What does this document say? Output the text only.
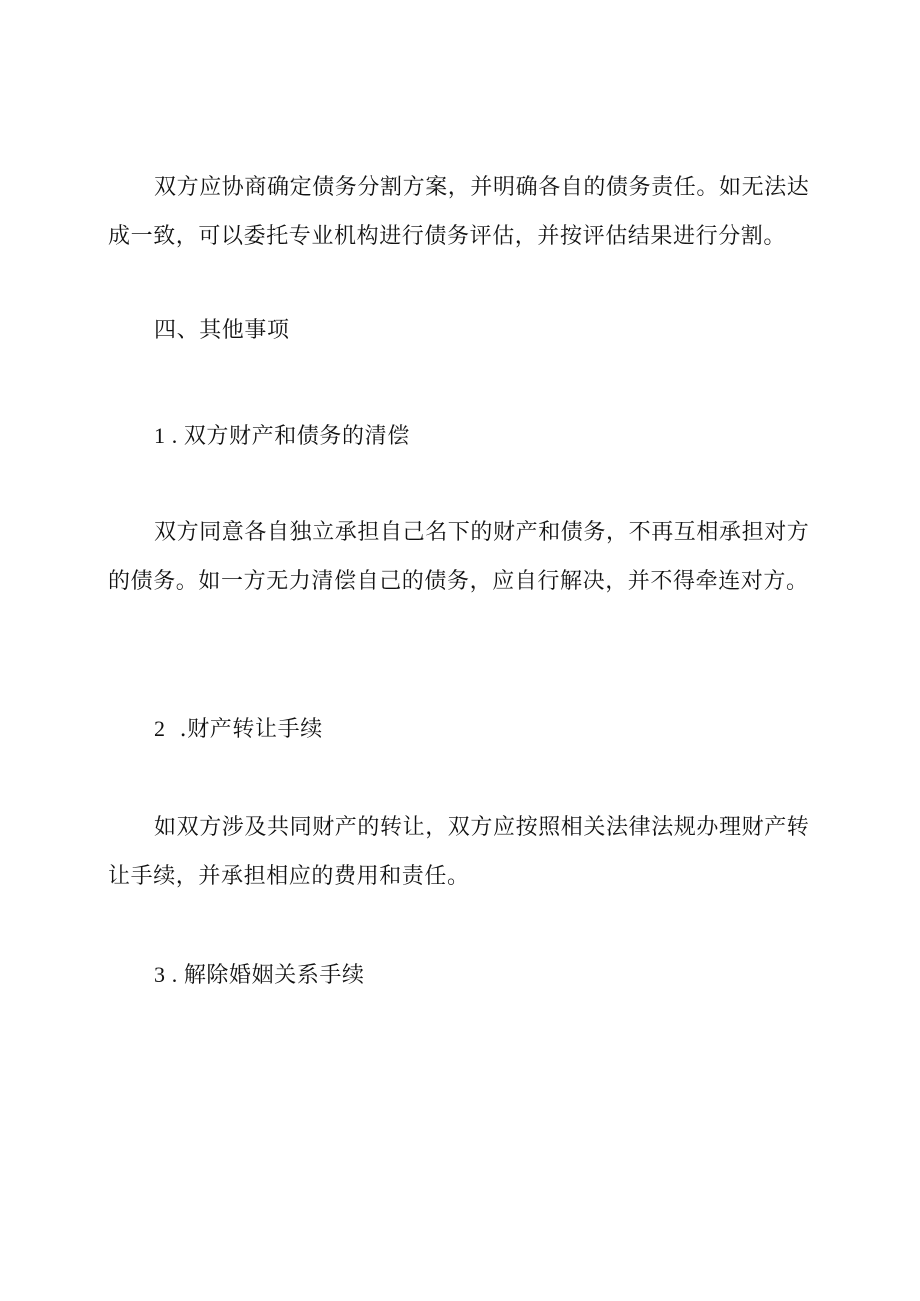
双方应协商确定债务分割方案，并明确各自的债务责任。如无法达成一致，可以委托专业机构进行债务评估，并按评估结果进行分割。

四、其他事项

1 . 双方财产和债务的清偿

双方同意各自独立承担自己名下的财产和债务，不再互相承担对方的债务。如一方无力清偿自己的债务，应自行解决，并不得牵连对方。

2 .财产转让手续

如双方涉及共同财产的转让，双方应按照相关法律法规办理财产转让手续，并承担相应的费用和责任。

3 . 解除婚姻关系手续
